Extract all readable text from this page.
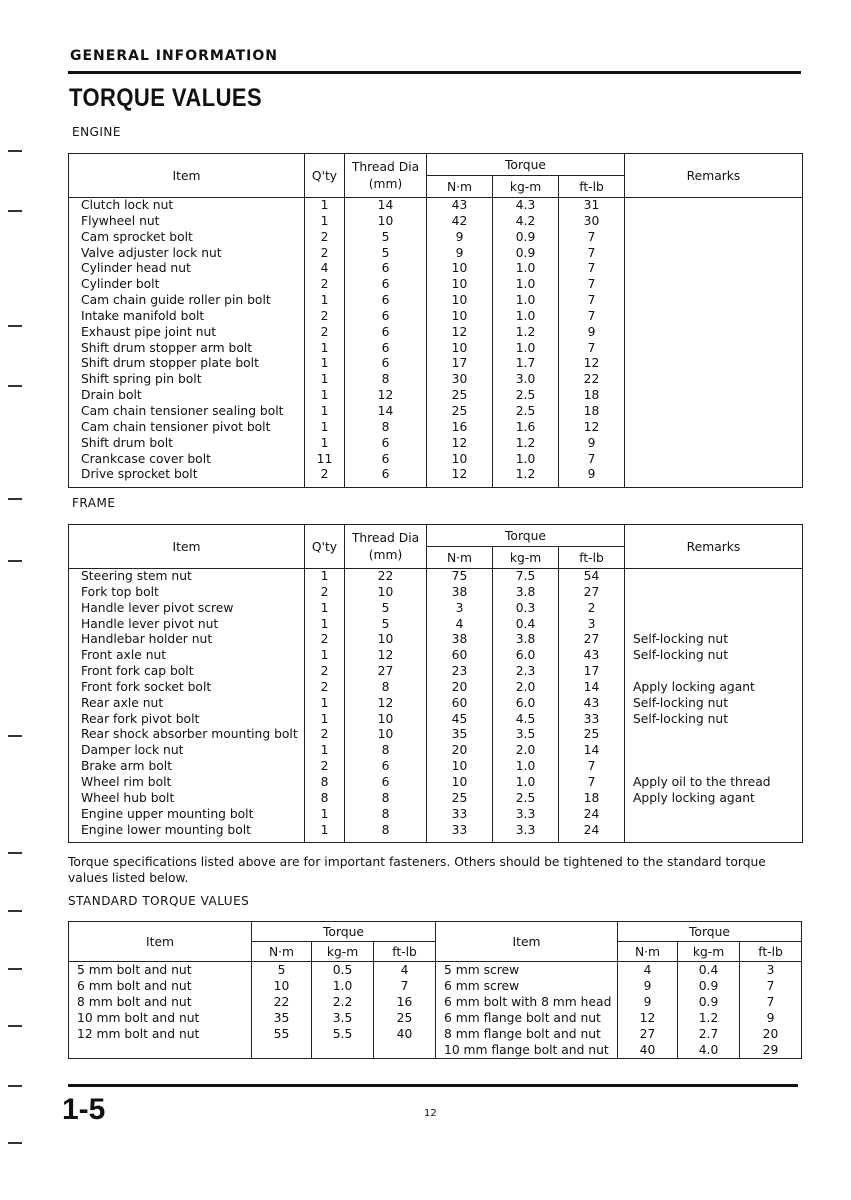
GENERAL INFORMATION
TORQUE VALUES
ENGINE
Item	Q'ty	Thread Dia (mm)	Torque			Remarks
			N·m	kg-m	ft-lb	
Clutch lock nut	1	14	43	4.3	31	
Flywheel nut	1	10	42	4.2	30	
Cam sprocket bolt	2	5	9	0.9	7	
Valve adjuster lock nut	2	5	9	0.9	7	
Cylinder head nut	4	6	10	1.0	7	
Cylinder bolt	2	6	10	1.0	7	
Cam chain guide roller pin bolt	1	6	10	1.0	7	
Intake manifold bolt	2	6	10	1.0	7	
Exhaust pipe joint nut	2	6	12	1.2	9	
Shift drum stopper arm bolt	1	6	10	1.0	7	
Shift drum stopper plate bolt	1	6	17	1.7	12	
Shift spring pin bolt	1	8	30	3.0	22	
Drain bolt	1	12	25	2.5	18	
Cam chain tensioner sealing bolt	1	14	25	2.5	18	
Cam chain tensioner pivot bolt	1	8	16	1.6	12	
Shift drum bolt	1	6	12	1.2	9	
Crankcase cover bolt	11	6	10	1.0	7	
Drive sprocket bolt	2	6	12	1.2	9	

FRAME
Item	Q'ty	Thread Dia (mm)	Torque			Remarks
			N·m	kg-m	ft-lb	
Steering stem nut	1	22	75	7.5	54	
Fork top bolt	2	10	38	3.8	27	
Handle lever pivot screw	1	5	3	0.3	2	
Handle lever pivot nut	1	5	4	0.4	3	
Handlebar holder nut	2	10	38	3.8	27	Self-locking nut
Front axle nut	1	12	60	6.0	43	Self-locking nut
Front fork cap bolt	2	27	23	2.3	17	
Front fork socket bolt	2	8	20	2.0	14	Apply locking agant
Rear axle nut	1	12	60	6.0	43	Self-locking nut
Rear fork pivot bolt	1	10	45	4.5	33	Self-locking nut
Rear shock absorber mounting bolt	2	10	35	3.5	25	
Damper lock nut	1	8	20	2.0	14	
Brake arm bolt	2	6	10	1.0	7	
Wheel rim bolt	8	6	10	1.0	7	Apply oil to the thread
Wheel hub bolt	8	8	25	2.5	18	Apply locking agant
Engine upper mounting bolt	1	8	33	3.3	24	
Engine lower mounting bolt	1	8	33	3.3	24	

Torque specifications listed above are for important fasteners. Others should be tightened to the standard torque values listed below.
STANDARD TORQUE VALUES
Item	Torque			Item	Torque		
	N·m	kg-m	ft-lb		N·m	kg-m	ft-lb
5 mm bolt and nut	5	0.5	4	5 mm screw	4	0.4	3
6 mm bolt and nut	10	1.0	7	6 mm screw	9	0.9	7
8 mm bolt and nut	22	2.2	16	6 mm bolt with 8 mm head	9	0.9	7
10 mm bolt and nut	35	3.5	25	6 mm flange bolt and nut	12	1.2	9
12 mm bolt and nut	55	5.5	40	8 mm flange bolt and nut	27	2.7	20
				10 mm flange bolt and nut	40	4.0	29
1-5	12
